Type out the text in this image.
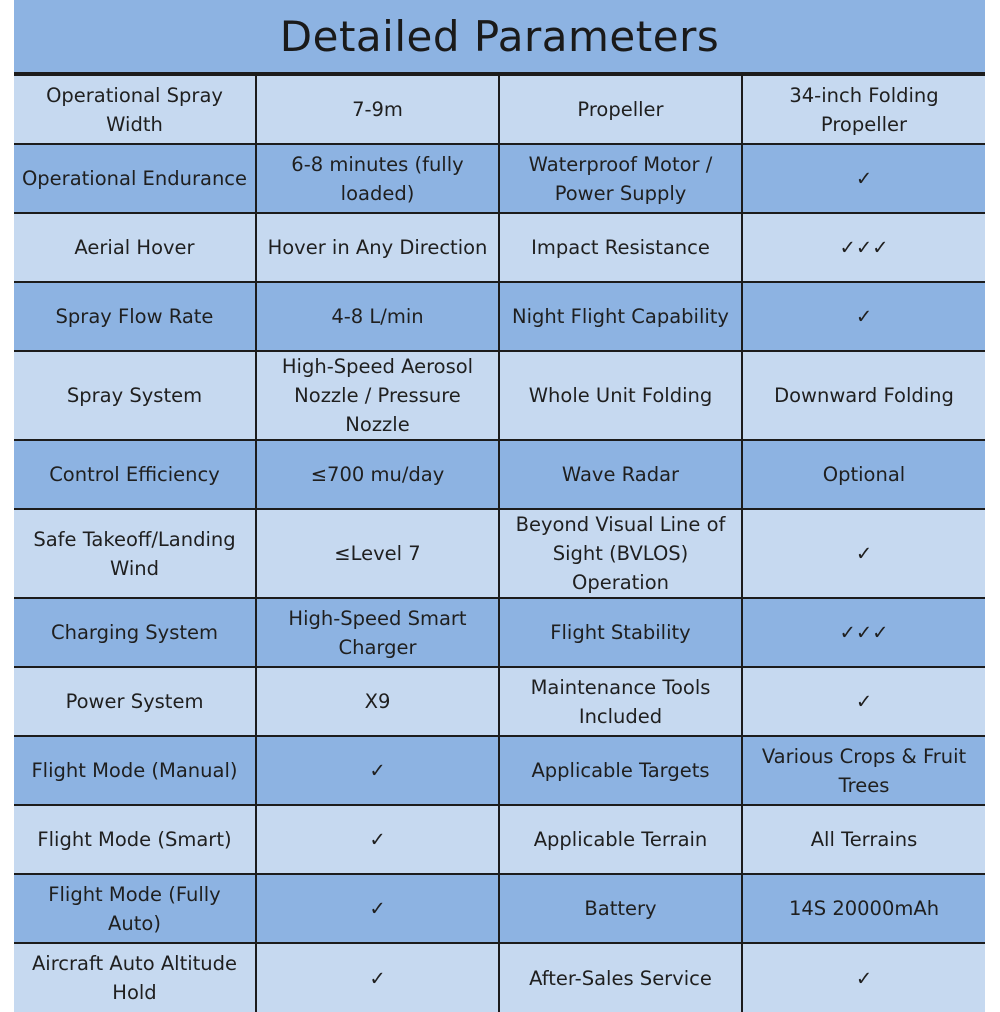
Detailed Parameters
Operational Spray Width	7-9m	Propeller	34-inch Folding Propeller
Operational Endurance	6-8 minutes (fully loaded)	Waterproof Motor / Power Supply	✓
Aerial Hover	Hover in Any Direction	Impact Resistance	✓✓✓
Spray Flow Rate	4-8 L/min	Night Flight Capability	✓
Spray System	High-Speed Aerosol Nozzle / Pressure Nozzle	Whole Unit Folding	Downward Folding
Control Efficiency	≤700 mu/day	Wave Radar	Optional
Safe Takeoff/Landing Wind	≤Level 7	Beyond Visual Line of Sight (BVLOS) Operation	✓
Charging System	High-Speed Smart Charger	Flight Stability	✓✓✓
Power System	X9	Maintenance Tools Included	✓
Flight Mode (Manual)	✓	Applicable Targets	Various Crops & Fruit Trees
Flight Mode (Smart)	✓	Applicable Terrain	All Terrains
Flight Mode (Fully Auto)	✓	Battery	14S 20000mAh
Aircraft Auto Altitude Hold	✓	After-Sales Service	✓
